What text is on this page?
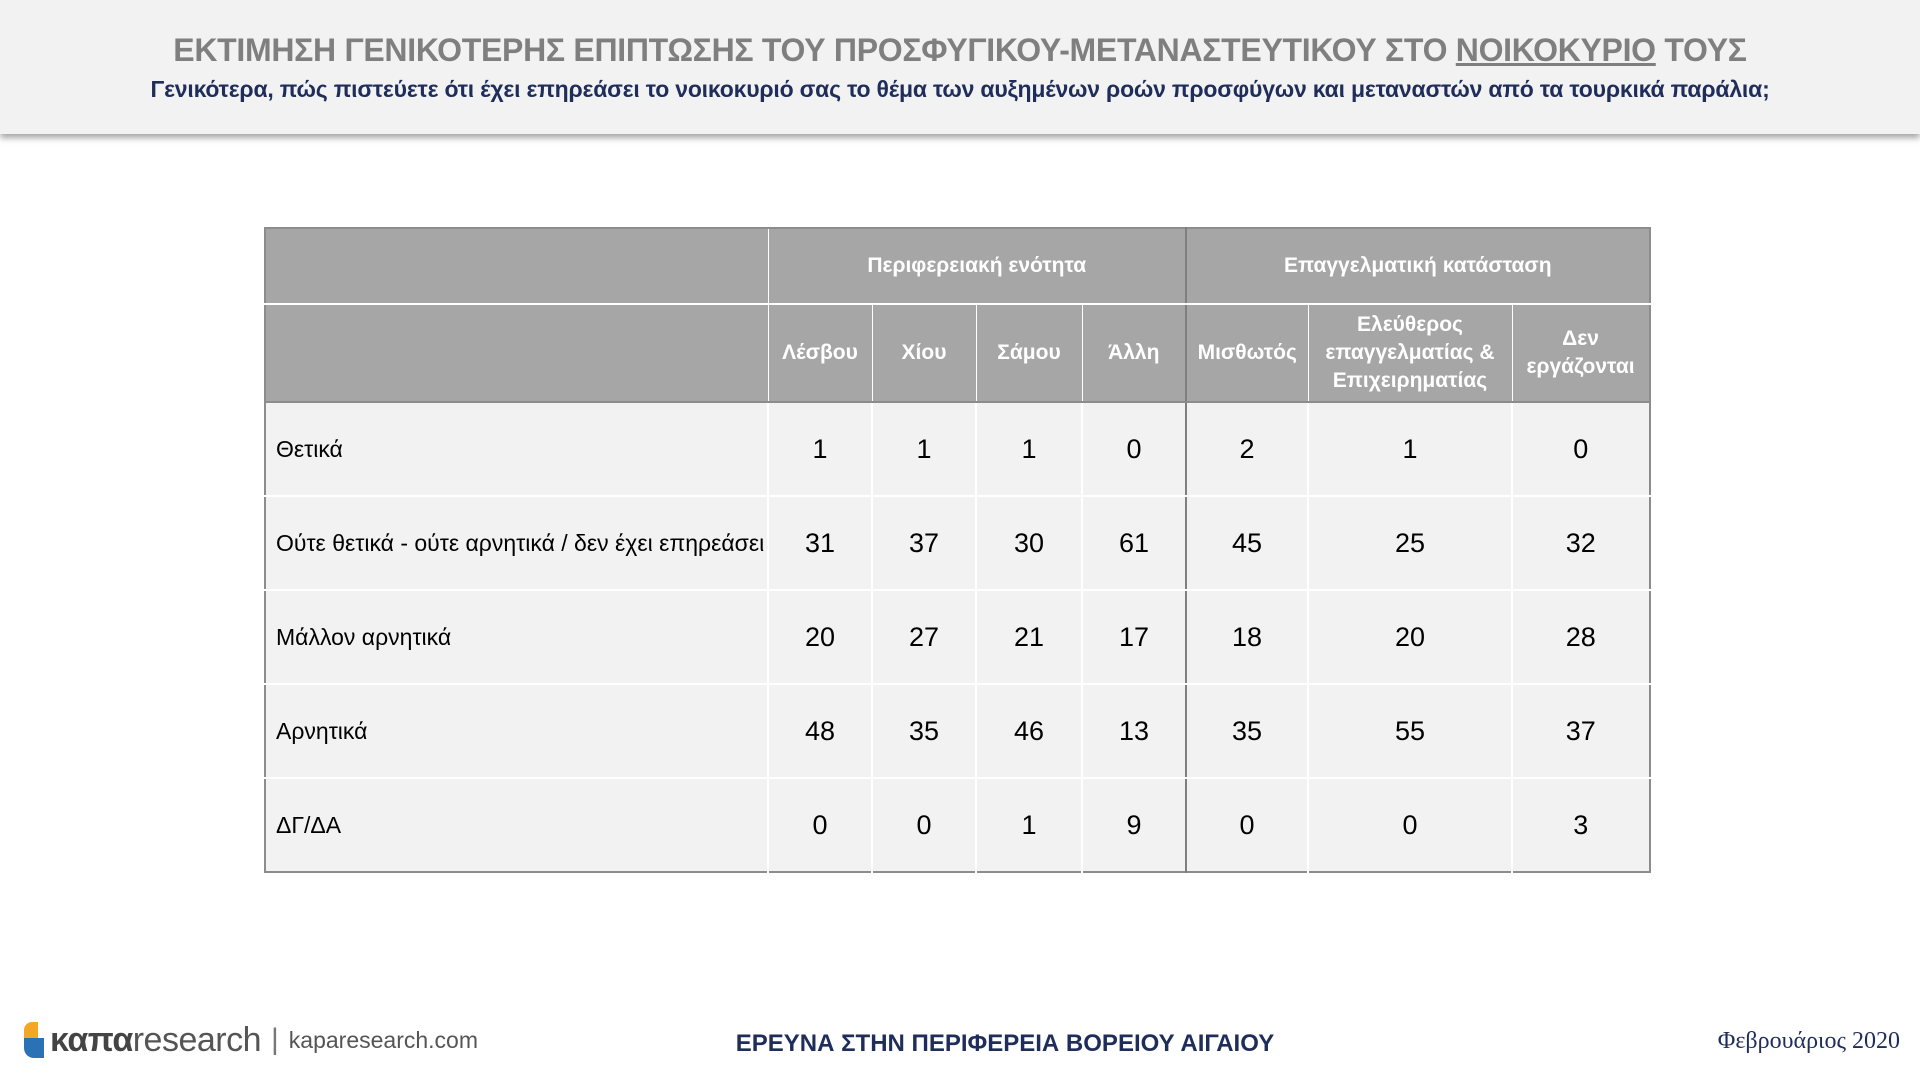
ΕΚΤΙΜΗΣΗ ΓΕΝΙΚΟΤΕΡΗΣ ΕΠΙΠΤΩΣΗΣ ΤΟΥ ΠΡΟΣΦΥΓΙΚΟΥ-ΜΕΤΑΝΑΣΤΕΥΤΙΚΟΥ ΣΤΟ ΝΟΙΚΟΚΥΡΙΟ ΤΟΥΣ
Γενικότερα, πώς πιστεύετε ότι έχει επηρεάσει το νοικοκυριό σας το θέμα των αυξημένων ροών προσφύγων και μεταναστών από τα τουρκικά παράλια;
	Περιφερειακή ενότητα				Επαγγελματική κατάσταση		
	Λέσβου	Χίου	Σάμου	Άλλη	Μισθωτός	Ελεύθερος επαγγελματίας & Επιχειρηματίας	Δεν εργάζονται
Θετικά	1	1	1	0	2	1	0
Ούτε θετικά - ούτε αρνητικά / δεν έχει επηρεάσει	31	37	30	61	45	25	32
Μάλλον αρνητικά	20	27	21	17	18	20	28
Αρνητικά	48	35	46	13	35	55	37
ΔΓ/ΔΑ	0	0	1	9	0	0	3
καπαresearch | kaparesearch.com	ΕΡΕΥΝΑ ΣΤΗΝ ΠΕΡΙΦΕΡΕΙΑ ΒΟΡΕΙΟΥ ΑΙΓΑΙΟΥ	Φεβρουάριος 2020
